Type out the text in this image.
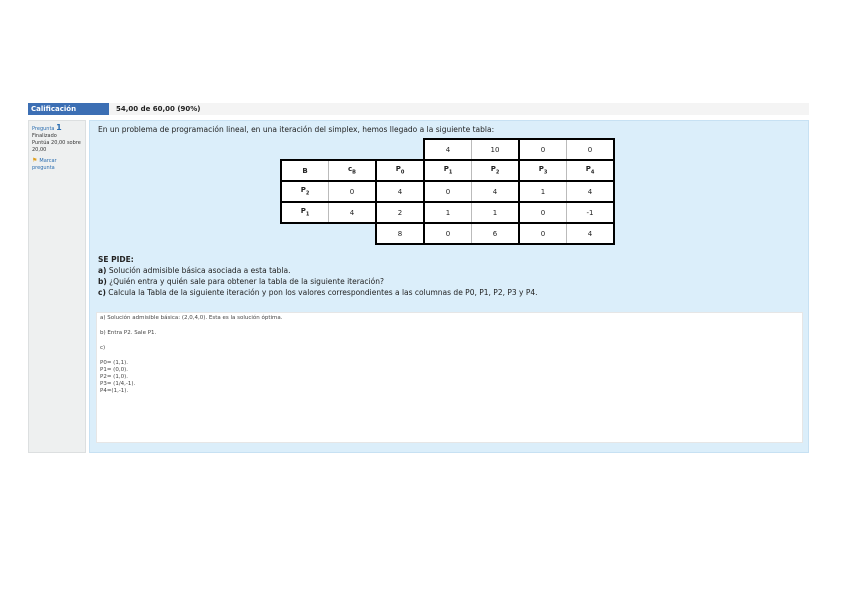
Calificación	54,00 de 60,00 (90%)
Pregunta 1
Finalizado
Puntúa 20,00 sobre
20,00
⚑ Marcar
pregunta
En un problema de programación lineal, en una iteración del simplex, hemos llegado a la siguiente tabla:
			4	10	0	0
B	$c_B$	$P_0$	$P_1$	$P_2$	$P_3$	$P_4$
$P_2$	0	4	0	4	1	4
$P_1$	4	2	1	1	0	-1
		8	0	6	0	4
SE PIDE:
a) Solución admisible básica asociada a esta tabla.
b) ¿Quién entra y quién sale para obtener la tabla de la siguiente iteración?
c) Calcula la Tabla de la siguiente iteración y pon los valores correspondientes a las columnas de P0, P1, P2, P3 y P4.
a) Solución admisible básica: (2,0,4,0). Esta es la solución óptima.
b) Entra P2. Sale P1.
c)
P0= (1,1).
P1= (0,0).
P2= (1,0).
P3= (1/4,-1).
P4=(1,-1).
